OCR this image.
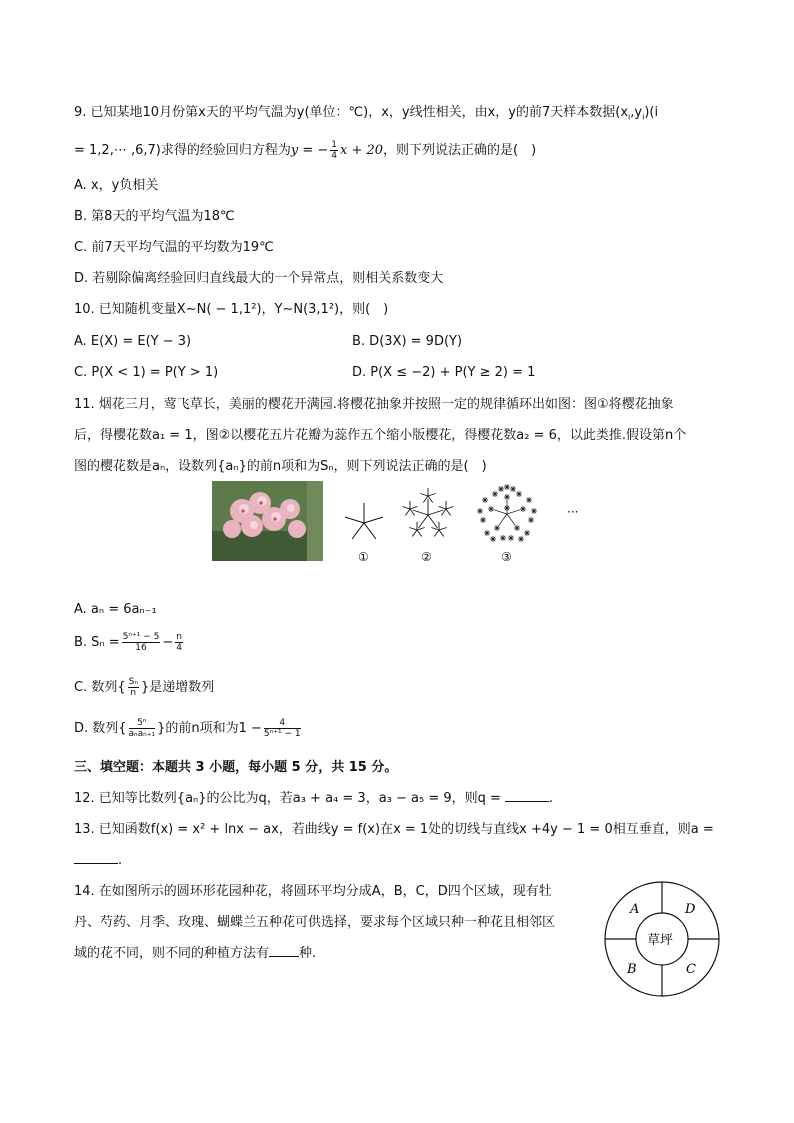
9. 已知某地10月份第x天的平均气温为y(单位：℃)，x，y线性相关，由x，y的前7天样本数据$(x_i,y_i)(i$
= 1,2,⋯ ,6,7)求得的经验回归方程为y = − $\frac{1}{4}$ x + 20，则下列说法正确的是(　)
A. x，y负相关
B. 第8天的平均气温为18℃
C. 前7天平均气温的平均数为19℃
D. 若剔除偏离经验回归直线最大的一个异常点，则相关系数变大
10. 已知随机变量X∼N( − 1,1²)，Y∼N(3,1²)，则(　)
A. E(X) = E(Y − 3)	B. D(3X) = 9D(Y)
C. P(X < 1) = P(Y > 1)	D. P(X ≤ −2) + P(Y ≥ 2) = 1
11. 烟花三月，莺飞草长，美丽的樱花开满园.将樱花抽象并按照一定的规律循环出如图：图①将樱花抽象
后，得樱花数a₁ = 1，图②以樱花五片花瓣为蕊作五个缩小版樱花，得樱花数a₂ = 6，以此类推.假设第n个
图的樱花数是aₙ，设数列{aₙ}的前n项和为Sₙ，则下列说法正确的是(　)
①	②	③
···
A. aₙ = 6aₙ₋₁
B. $S_n = \frac{\text{5ⁿ⁺¹ − 5}}{16} - \frac{n}{4}$
C. 数列{ $\frac{\text{Sₙ}}{n}$ }是递增数列
D. 数列{	5ⁿ
aₙaₙ₊₁ }的前n项和为$1 - \frac{4}{\text{5ⁿ⁺¹ − 1}}$
三、填空题：本题共 3 小题，每小题 5 分，共 15 分。
12. 已知等比数列{aₙ}的公比为q，若a₃ + a₄ = 3，a₃ − a₅ = 9，则q =	.
13. 已知函数f(x) = x² + lnx − ax，若曲线y = f(x)在x = 1处的切线与直线x +4y − 1 = 0相互垂直，则a =
.
14. 在如图所示的圆环形花园种花，将圆环平均分成A，B，C，D四个区域，现有牡
丹、芍药、月季、玫瑰、蝴蝶兰五种花可供选择，要求每个区域只种一种花且相邻区
域的花不同，则不同的种植方法有 种.
A	D
B	C
草坪
